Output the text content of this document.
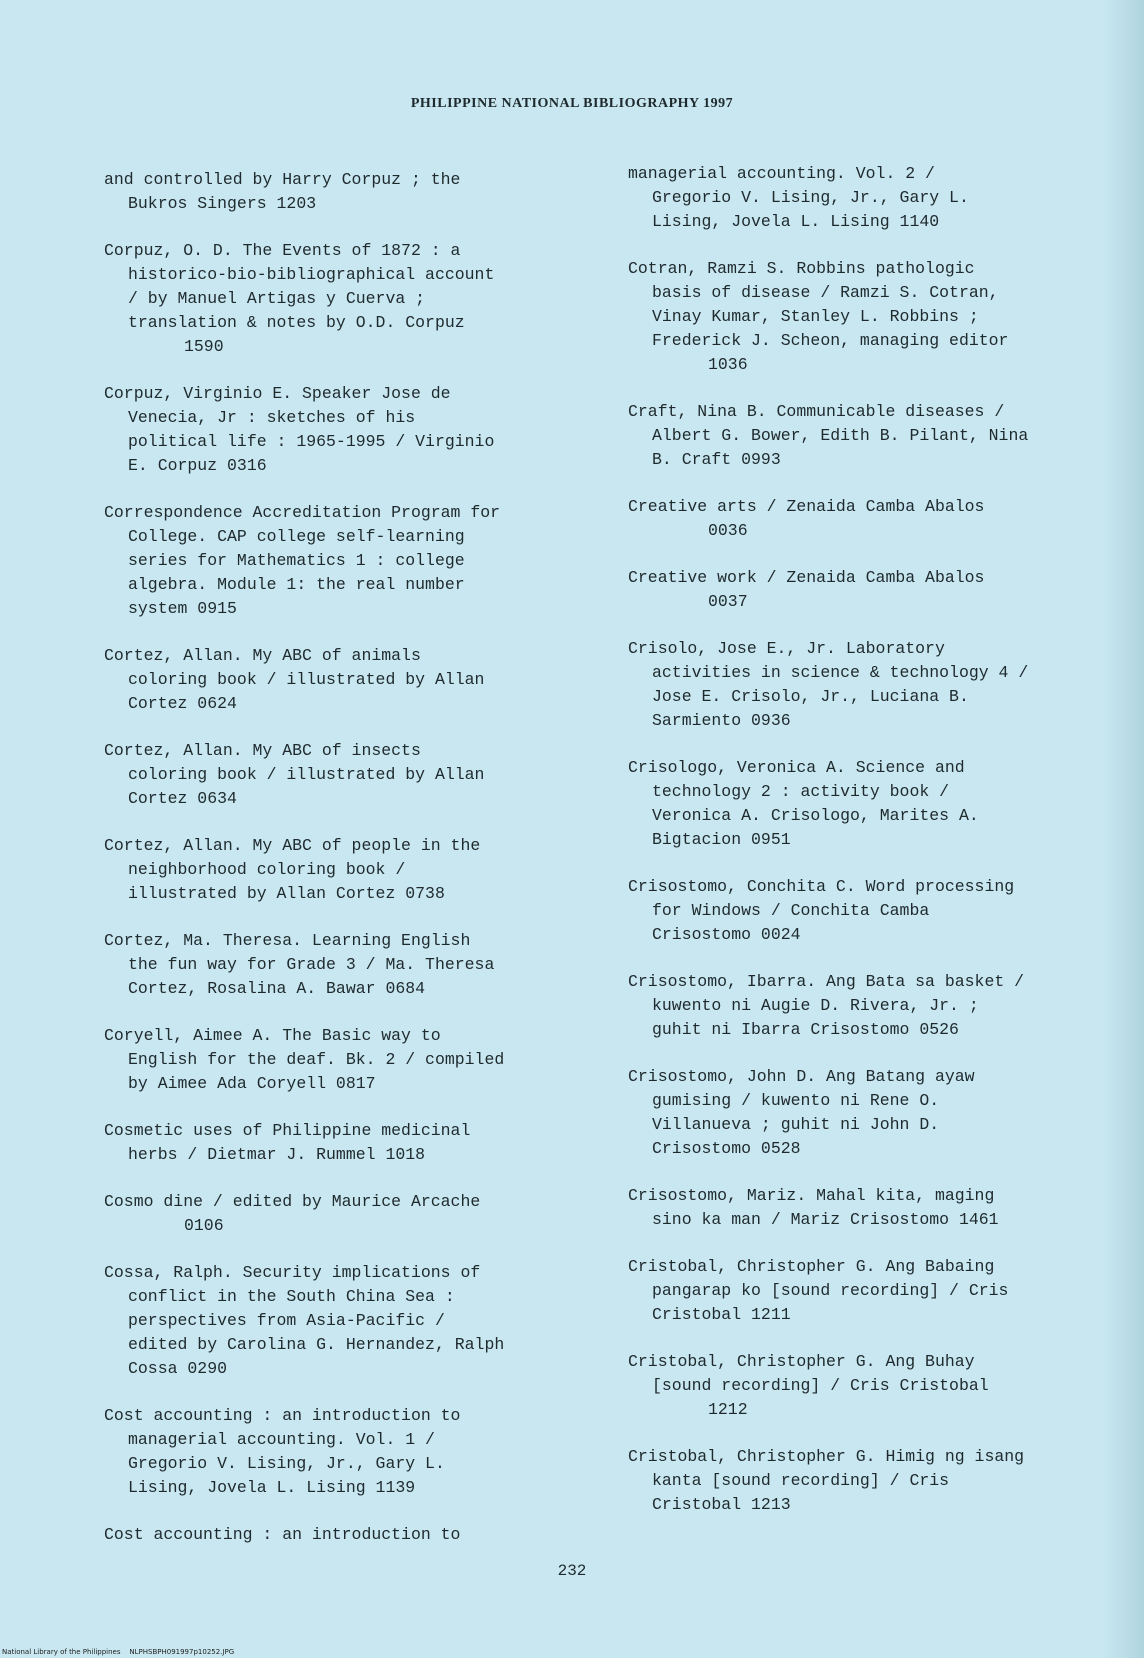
PHILIPPINE NATIONAL BIBLIOGRAPHY 1997

and controlled by Harry Corpuz ; the
Bukros Singers 1203

Corpuz, O. D. The Events of 1872 : a
historico-bio-bibliographical account
/ by Manuel Artigas y Cuerva ;
translation & notes by O.D. Corpuz
1590

Corpuz, Virginio E. Speaker Jose de
Venecia, Jr : sketches of his
political life : 1965-1995 / Virginio
E. Corpuz 0316

Correspondence Accreditation Program for
College. CAP college self-learning
series for Mathematics 1 : college
algebra. Module 1: the real number
system 0915

Cortez, Allan. My ABC of animals
coloring book / illustrated by Allan
Cortez 0624

Cortez, Allan. My ABC of insects
coloring book / illustrated by Allan
Cortez 0634

Cortez, Allan. My ABC of people in the
neighborhood coloring book /
illustrated by Allan Cortez 0738

Cortez, Ma. Theresa. Learning English
the fun way for Grade 3 / Ma. Theresa
Cortez, Rosalina A. Bawar 0684

Coryell, Aimee A. The Basic way to
English for the deaf. Bk. 2 / compiled
by Aimee Ada Coryell 0817

Cosmetic uses of Philippine medicinal
herbs / Dietmar J. Rummel 1018

Cosmo dine / edited by Maurice Arcache
0106

Cossa, Ralph. Security implications of
conflict in the South China Sea :
perspectives from Asia-Pacific /
edited by Carolina G. Hernandez, Ralph
Cossa 0290

Cost accounting : an introduction to
managerial accounting. Vol. 1 /
Gregorio V. Lising, Jr., Gary L.
Lising, Jovela L. Lising 1139

Cost accounting : an introduction to

managerial accounting. Vol. 2 /
Gregorio V. Lising, Jr., Gary L.
Lising, Jovela L. Lising 1140

Cotran, Ramzi S. Robbins pathologic
basis of disease / Ramzi S. Cotran,
Vinay Kumar, Stanley L. Robbins ;
Frederick J. Scheon, managing editor
1036

Craft, Nina B. Communicable diseases /
Albert G. Bower, Edith B. Pilant, Nina
B. Craft 0993

Creative arts / Zenaida Camba Abalos
0036

Creative work / Zenaida Camba Abalos
0037

Crisolo, Jose E., Jr. Laboratory
activities in science & technology 4 /
Jose E. Crisolo, Jr., Luciana B.
Sarmiento 0936

Crisologo, Veronica A. Science and
technology 2 : activity book /
Veronica A. Crisologo, Marites A.
Bigtacion 0951

Crisostomo, Conchita C. Word processing
for Windows / Conchita Camba
Crisostomo 0024

Crisostomo, Ibarra. Ang Bata sa basket /
kuwento ni Augie D. Rivera, Jr. ;
guhit ni Ibarra Crisostomo 0526

Crisostomo, John D. Ang Batang ayaw
gumising / kuwento ni Rene O.
Villanueva ; guhit ni John D.
Crisostomo 0528

Crisostomo, Mariz. Mahal kita, maging
sino ka man / Mariz Crisostomo 1461

Cristobal, Christopher G. Ang Babaing
pangarap ko [sound recording] / Cris
Cristobal 1211

Cristobal, Christopher G. Ang Buhay
[sound recording] / Cris Cristobal
1212

Cristobal, Christopher G. Himig ng isang
kanta [sound recording] / Cris
Cristobal 1213

232
National Library of the Philippines    NLPHSBPH091997p10252.JPG
